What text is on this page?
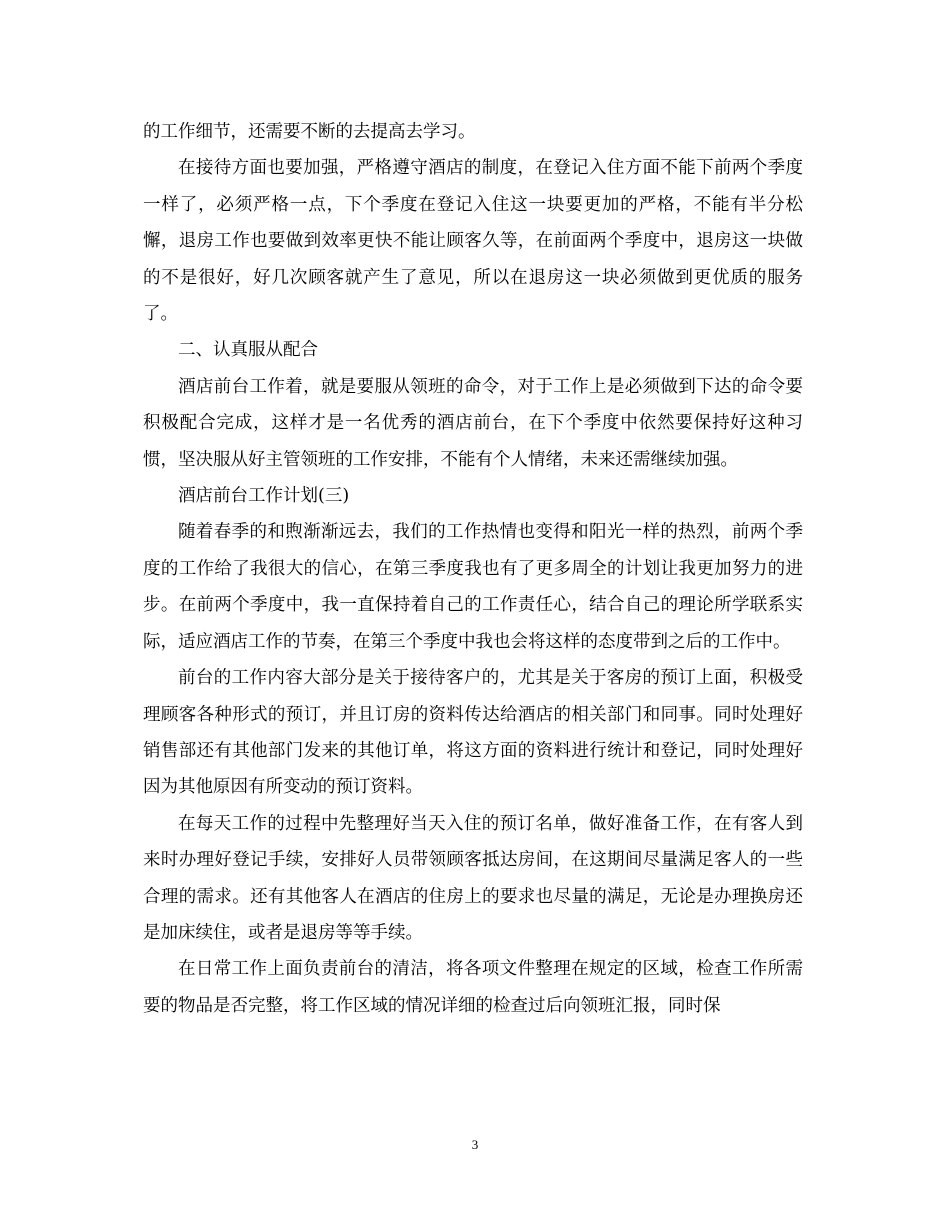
的工作细节，还需要不断的去提高去学习。

在接待方面也要加强，严格遵守酒店的制度，在登记入住方面不能下前两个季度一样了，必须严格一点，下个季度在登记入住这一块要更加的严格，不能有半分松懈，退房工作也要做到效率更快不能让顾客久等，在前面两个季度中，退房这一块做的不是很好，好几次顾客就产生了意见，所以在退房这一块必须做到更优质的服务了。

二、认真服从配合

酒店前台工作着，就是要服从领班的命令，对于工作上是必须做到下达的命令要积极配合完成，这样才是一名优秀的酒店前台，在下个季度中依然要保持好这种习惯，坚决服从好主管领班的工作安排，不能有个人情绪，未来还需继续加强。

酒店前台工作计划(三)

随着春季的和煦渐渐远去，我们的工作热情也变得和阳光一样的热烈，前两个季度的工作给了我很大的信心，在第三季度我也有了更多周全的计划让我更加努力的进步。在前两个季度中，我一直保持着自己的工作责任心，结合自己的理论所学联系实际，适应酒店工作的节奏，在第三个季度中我也会将这样的态度带到之后的工作中。

前台的工作内容大部分是关于接待客户的，尤其是关于客房的预订上面，积极受理顾客各种形式的预订，并且订房的资料传达给酒店的相关部门和同事。同时处理好销售部还有其他部门发来的其他订单，将这方面的资料进行统计和登记，同时处理好因为其他原因有所变动的预订资料。

在每天工作的过程中先整理好当天入住的预订名单，做好准备工作，在有客人到来时办理好登记手续，安排好人员带领顾客抵达房间，在这期间尽量满足客人的一些合理的需求。还有其他客人在酒店的住房上的要求也尽量的满足，无论是办理换房还是加床续住，或者是退房等等手续。

在日常工作上面负责前台的清洁，将各项文件整理在规定的区域，检查工作所需要的物品是否完整，将工作区域的情况详细的检查过后向领班汇报，同时保

3
